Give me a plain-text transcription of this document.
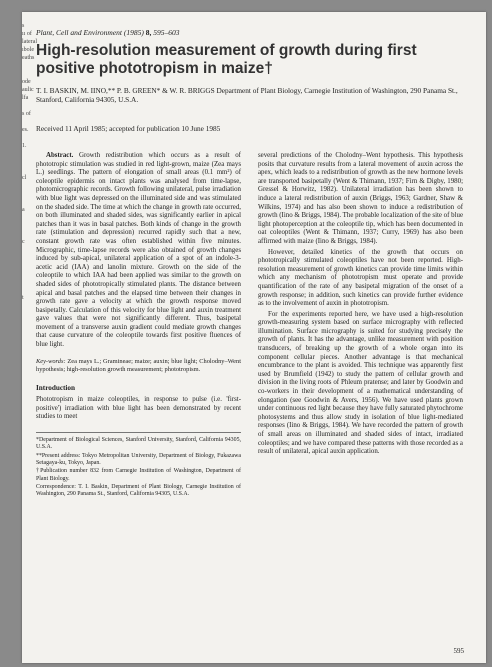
s
ıı of
lateral
ıbole
eaths

ode
aulic
lfa

s of

es.

1.

cl

a

c

t

Plant, Cell and Environment (1985) 8, 595–603
High-resolution measurement of growth during first positive phototropism in maize†
T. I. BASKIN, M. IINO,** P. B. GREEN* & W. R. BRIGGS Department of Plant Biology, Carnegie Institution of Washington, 290 Panama St., Stanford, California 94305, U.S.A.
Received 11 April 1985; accepted for publication 10 June 1985

Abstract. Growth redistribution which occurs as a result of phototropic stimulation was studied in red light-grown, maize (Zea mays L.) seedlings. The pattern of elongation of small areas (0.1 mm²) of coleoptile epidermis on intact plants was analysed from time-lapse, photomicrographic records. Growth following unilateral, pulse irradiation with blue light was depressed on the illuminated side and was stimulated on the shaded side. The time at which the change in growth rate occurred, on both illuminated and shaded sides, was significantly earlier in apical patches than it was in basal patches. Both kinds of change in the growth rate (stimulation and depression) recurred rapidly such that a new, constant growth rate was often established within five minutes. Micrographic, time-lapse records were also obtained of growth changes induced by sub-apical, unilateral application of a spot of an indole-3-acetic acid (IAA) and lanolin mixture. Growth on the side of the coleoptile to which IAA had been applied was similar to the growth on shaded sides of phototropically stimulated plants. The distance between apical and basal patches and the elapsed time between their changes in growth rate gave a velocity at which the growth response moved basipetally. Calculation of this velocity for blue light and auxin treatment gave values that were not significantly different. Thus, basipetal movement of a transverse auxin gradient could mediate growth changes that cause curvature of the coleoptile towards first positive fluences of blue light.

Key-words: Zea mays L.; Gramineae; maize; auxin; blue light; Cholodny–Went hypothesis; high-resolution growth measurement; phototropism.
Introduction

Phototropism in maize coleoptiles, in response to pulse (i.e. 'first-positive') irradiation with blue light has been demonstrated by recent studies to meet

*Department of Biological Sciences, Stanford University, Stanford, California 94305, U.S.A.
**Present address: Tokyo Metropolitan University, Department of Biology, Fukazawa Setagaya-ku, Tokyo, Japan.
†Publication number 832 from Carnegie Institution of Washington, Department of Plant Biology.
Correspondence: T. I. Baskin, Department of Plant Biology, Carnegie Institution of Washington, 290 Panama St., Stanford, California 94305, U.S.A.

several predictions of the Cholodny–Went hypothesis. This hypothesis posits that curvature results from a lateral movement of auxin across the apex, which leads to a redistribution of growth as the new hormone levels are transported basipetally (Went & Thimann, 1937; Firn & Digby, 1980; Gressel & Horwitz, 1982). Unilateral irradiation has been shown to induce a lateral redistribution of auxin (Briggs, 1963; Gardner, Shaw & Wilkins, 1974) and has also been shown to induce a redistribution of growth (Iino & Briggs, 1984). The probable localization of the site of blue light photoperception at the coleoptile tip, which has been documented in oat coleoptiles (Went & Thimann, 1937; Curry, 1969) has also been affirmed with maize (Iino & Briggs, 1984).

However, detailed kinetics of the growth that occurs on phototropically stimulated coleoptiles have not been reported. High-resolution measurement of growth kinetics can provide time limits within which any mechanism of phototropism must operate and provide quantification of the rate of any basipetal migration of the onset of a growth response; in addition, such kinetics can provide further evidence as to the involvement of auxin in phototropism.

For the experiments reported here, we have used a high-resolution growth-measuring system based on surface micrography with reflected illumination. Surface micrography is suited for studying precisely the growth of plants. It has the advantage, unlike measurement with position transducers, of breaking up the growth of a whole organ into its component cellular pieces. Another advantage is that mechanical encumbrance to the plant is avoided. This technique was apparently first used by Brumfield (1942) to study the pattern of cellular growth and division in the living roots of Phleum pratense; and later by Goodwin and co-workers in their development of a mathematical understanding of elongation (see Goodwin & Avers, 1956). We have used plants grown under continuous red light because they have fully saturated phytochrome photosystems and thus allow study in isolation of blue light-mediated responses (Iino & Briggs, 1984). We have recorded the pattern of growth of small areas on illuminated and shaded sides of intact, irradiated coleoptiles; and we have compared these patterns with those recorded as a result of unilateral, apical auxin application.

595
